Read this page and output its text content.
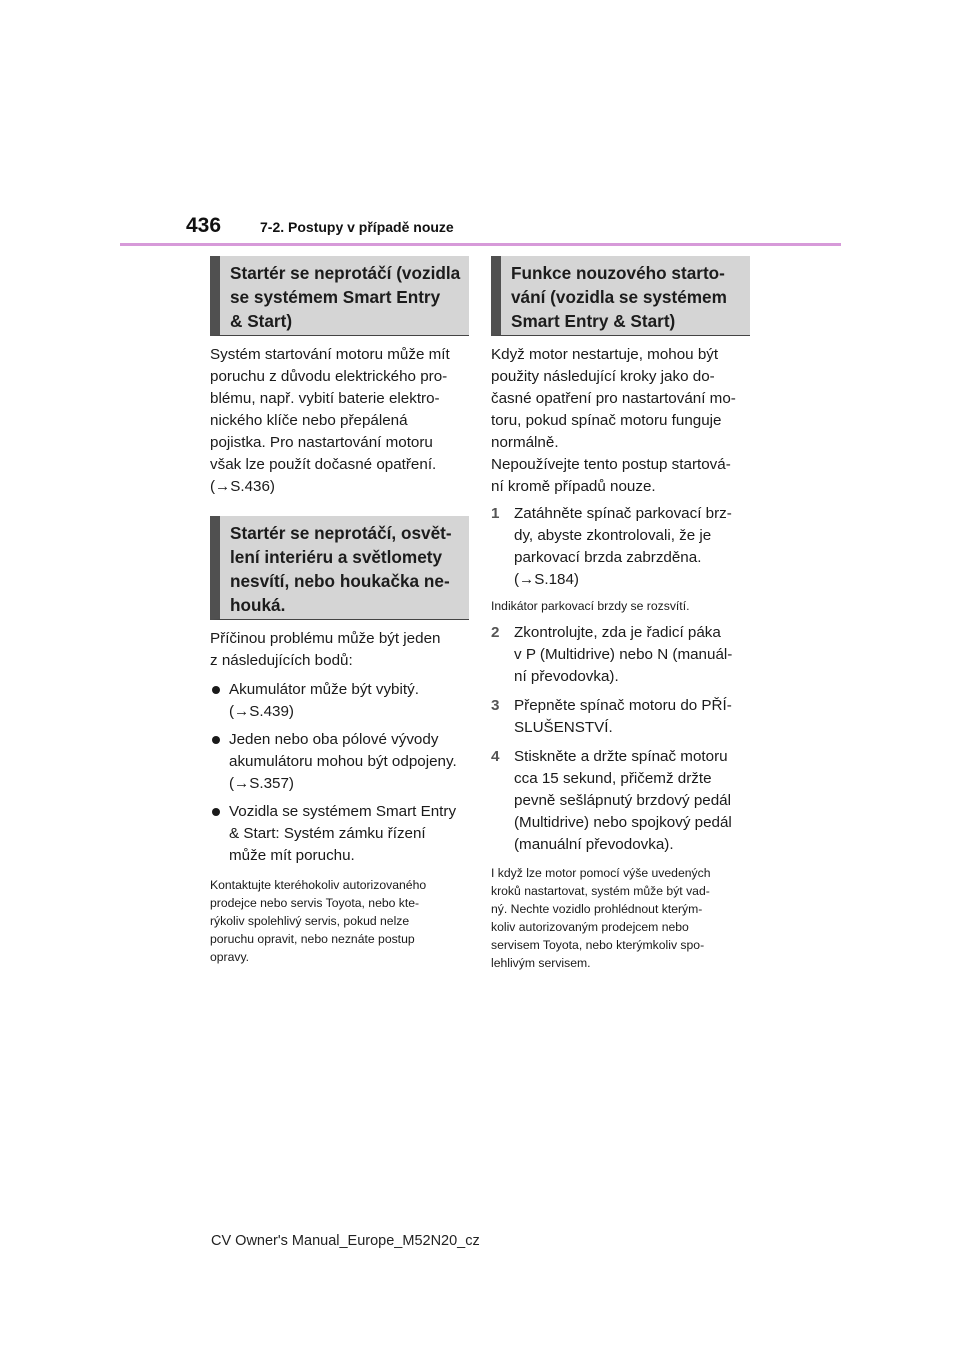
436	7-2. Postupy v případě nouze
Startér se neprotáčí (vozidla
se systémem Smart Entry
& Start)
Systém startování motoru může mít
poruchu z důvodu elektrického pro-
blému, např. vybití baterie elektro-
nického klíče nebo přepálená
pojistka. Pro nastartování motoru
však lze použít dočasné opatření.
(→S.436)
Startér se neprotáčí, osvět-
lení interiéru a světlomety
nesvítí, nebo houkačka ne-
houká.
Příčinou problému může být jeden
z následujících bodů:
Akumulátor může být vybitý.
(→S.439)
Jeden nebo oba pólové vývody
akumulátoru mohou být odpojeny.
(→S.357)
Vozidla se systémem Smart Entry
& Start: Systém zámku řízení
může mít poruchu.
Kontaktujte kteréhokoliv autorizovaného
prodejce nebo servis Toyota, nebo kte-
rýkoliv spolehlivý servis, pokud nelze
poruchu opravit, nebo neznáte postup
opravy.
Funkce nouzového starto-
vání (vozidla se systémem
Smart Entry & Start)
Když motor nestartuje, mohou být
použity následující kroky jako do-
časné opatření pro nastartování mo-
toru, pokud spínač motoru funguje
normálně.
Nepoužívejte tento postup startová-
ní kromě případů nouze.
1 Zatáhněte spínač parkovací brz-
dy, abyste zkontrolovali, že je
parkovací brzda zabrzděna.
(→S.184)
Indikátor parkovací brzdy se rozsvítí.
2 Zkontrolujte, zda je řadicí páka
v P (Multidrive) nebo N (manuál-
ní převodovka).
3 Přepněte spínač motoru do PŘÍ-
SLUŠENSTVÍ.
4 Stiskněte a držte spínač motoru
cca 15 sekund, přičemž držte
pevně sešlápnutý brzdový pedál
(Multidrive) nebo spojkový pedál
(manuální převodovka).
I když lze motor pomocí výše uvedených
kroků nastartovat, systém může být vad-
ný. Nechte vozidlo prohlédnout kterým-
koliv autorizovaným prodejcem nebo
servisem Toyota, nebo kterýmkoliv spo-
lehlivým servisem.
CV Owner's Manual_Europe_M52N20_cz
